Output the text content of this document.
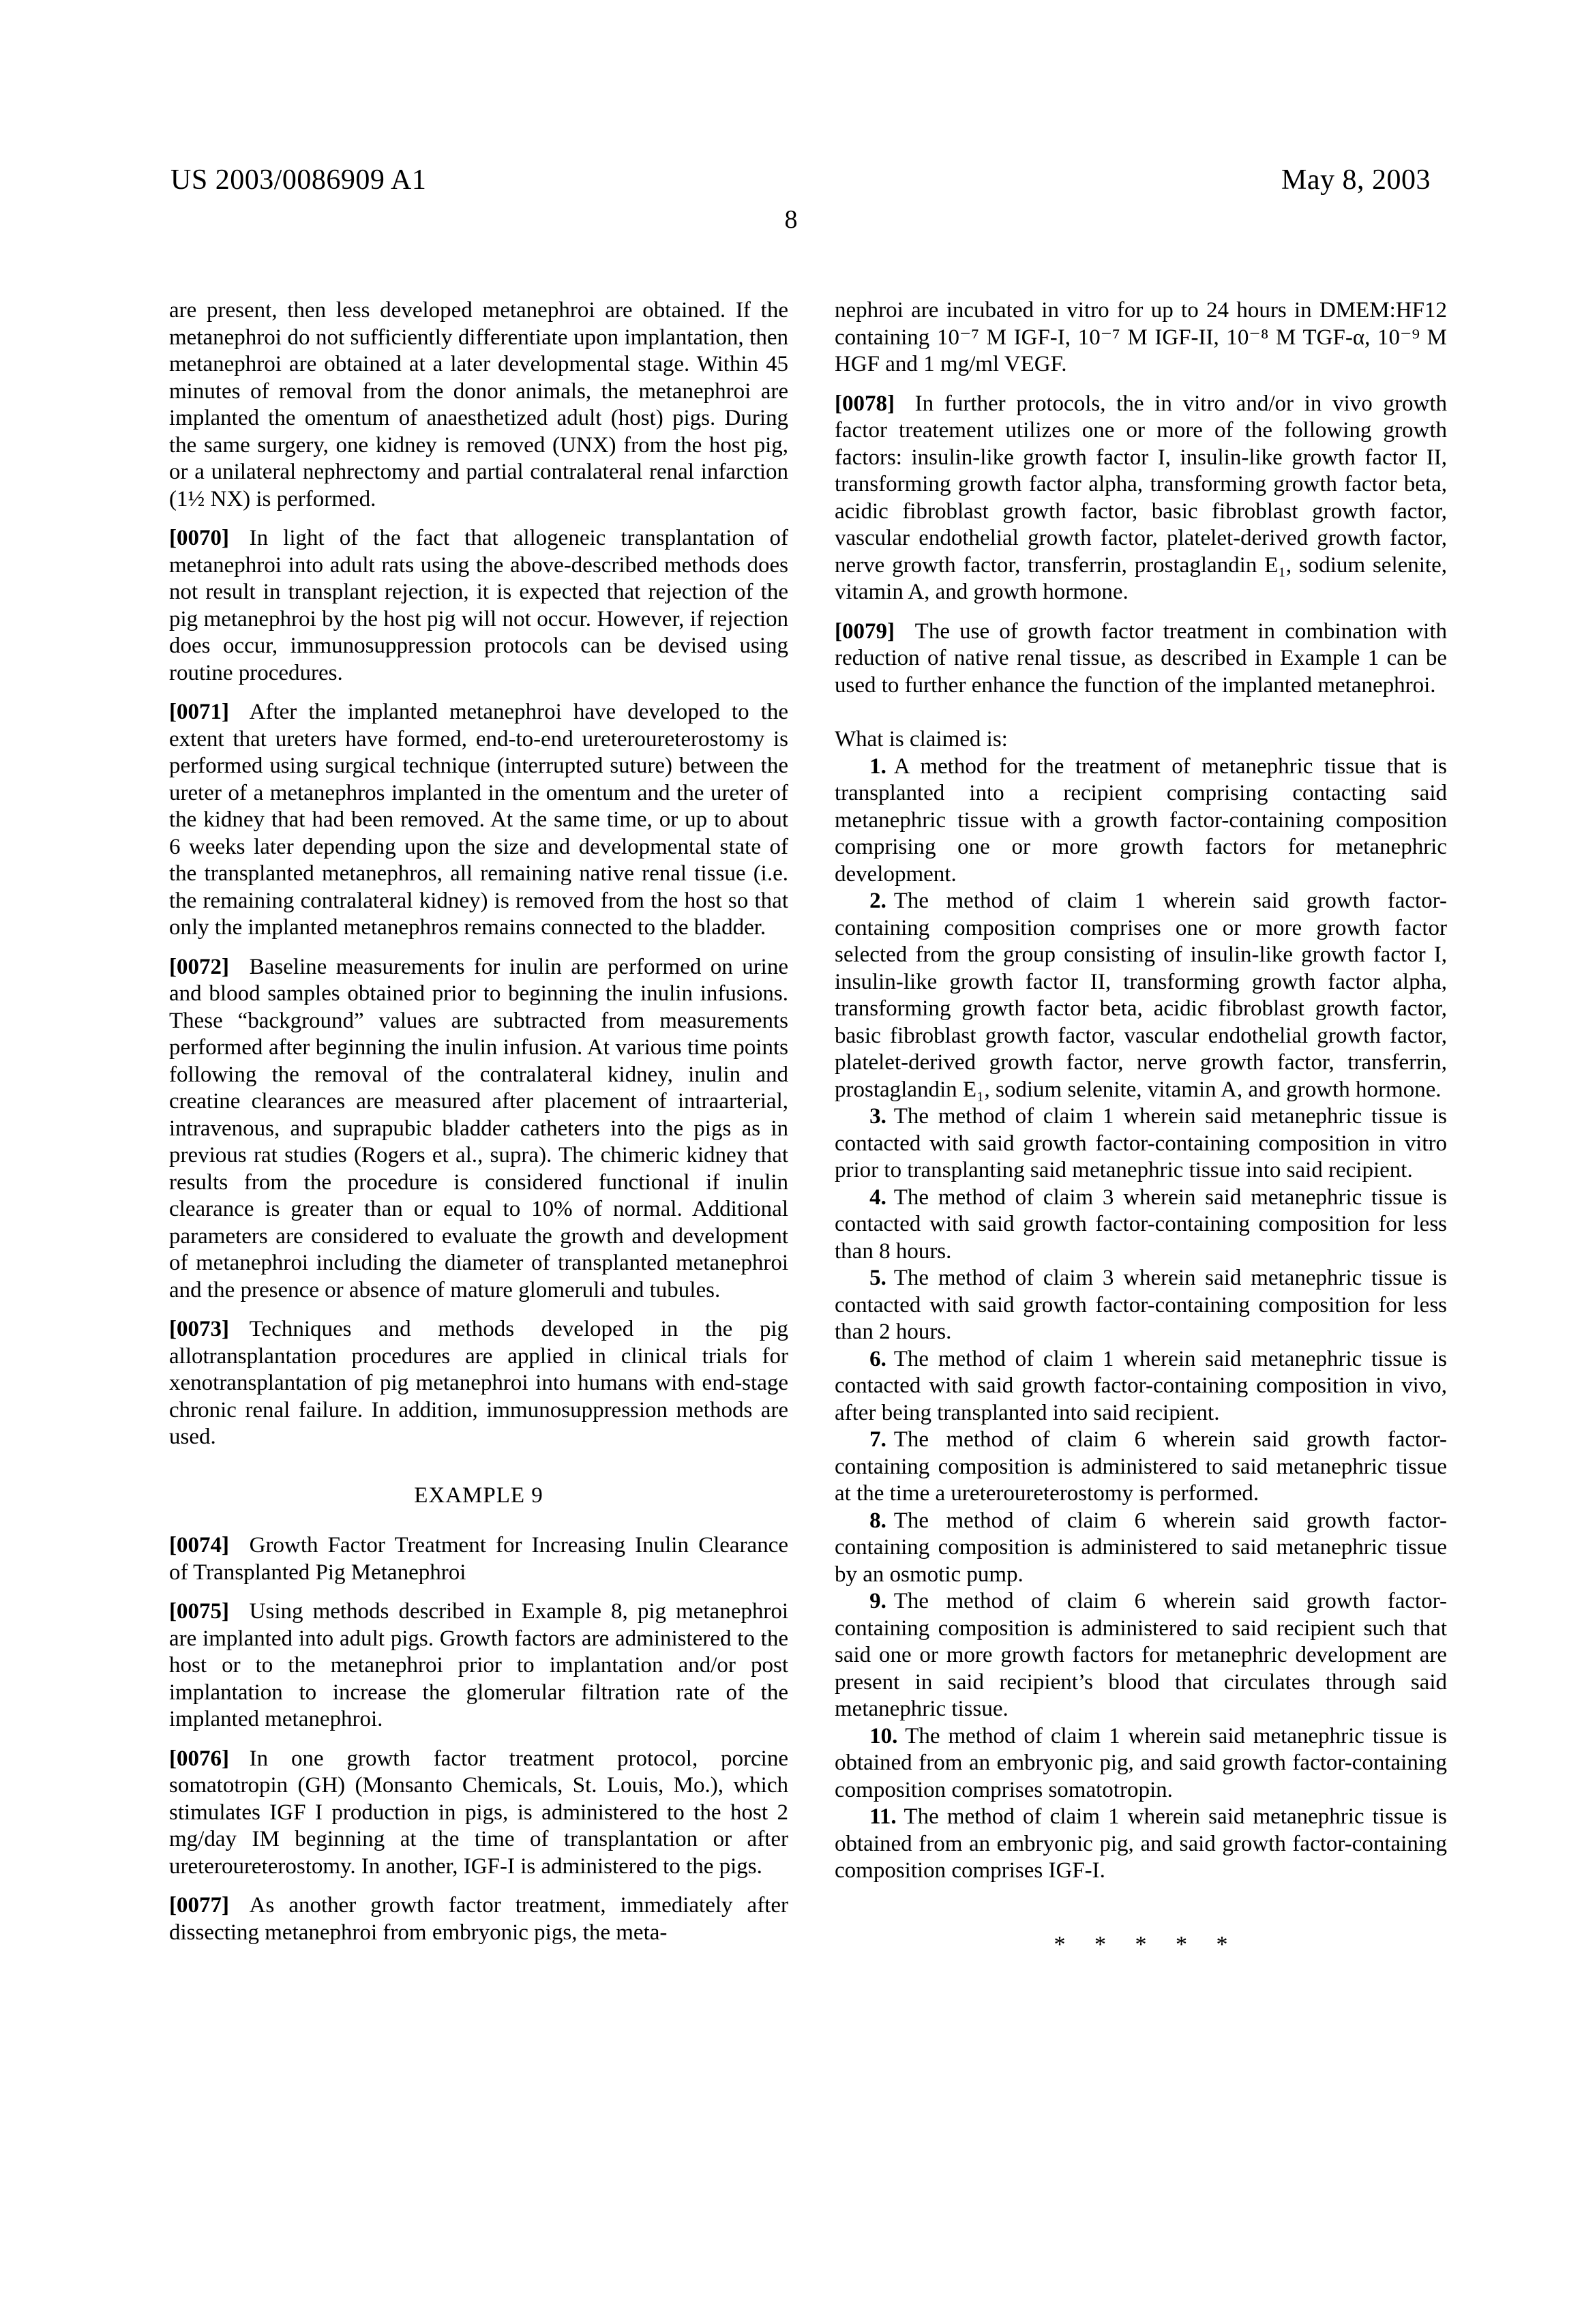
US 2003/0086909 A1	May 8, 2003
8

are present, then less developed metanephroi are obtained. If the metanephroi do not sufficiently differentiate upon implantation, then metanephroi are obtained at a later developmental stage. Within 45 minutes of removal from the donor animals, the metanephroi are implanted the omentum of anaesthetized adult (host) pigs. During the same surgery, one kidney is removed (UNX) from the host pig, or a unilateral nephrectomy and partial contralateral renal infarction (1½ NX) is performed.

[0070] In light of the fact that allogeneic transplantation of metanephroi into adult rats using the above-described methods does not result in transplant rejection, it is expected that rejection of the pig metanephroi by the host pig will not occur. However, if rejection does occur, immunosuppression protocols can be devised using routine procedures.

[0071] After the implanted metanephroi have developed to the extent that ureters have formed, end-to-end ureteroureterostomy is performed using surgical technique (interrupted suture) between the ureter of a metanephros implanted in the omentum and the ureter of the kidney that had been removed. At the same time, or up to about 6 weeks later depending upon the size and developmental state of the transplanted metanephros, all remaining native renal tissue (i.e. the remaining contralateral kidney) is removed from the host so that only the implanted metanephros remains connected to the bladder.

[0072] Baseline measurements for inulin are performed on urine and blood samples obtained prior to beginning the inulin infusions. These “background” values are subtracted from measurements performed after beginning the inulin infusion. At various time points following the removal of the contralateral kidney, inulin and creatine clearances are measured after placement of intraarterial, intravenous, and suprapubic bladder catheters into the pigs as in previous rat studies (Rogers et al., supra). The chimeric kidney that results from the procedure is considered functional if inulin clearance is greater than or equal to 10% of normal. Additional parameters are considered to evaluate the growth and development of metanephroi including the diameter of transplanted metanephroi and the presence or absence of mature glomeruli and tubules.

[0073] Techniques and methods developed in the pig allotransplantation procedures are applied in clinical trials for xenotransplantation of pig metanephroi into humans with end-stage chronic renal failure. In addition, immunosuppression methods are used.

EXAMPLE 9

[0074] Growth Factor Treatment for Increasing Inulin Clearance of Transplanted Pig Metanephroi

[0075] Using methods described in Example 8, pig metanephroi are implanted into adult pigs. Growth factors are administered to the host or to the metanephroi prior to implantation and/or post implantation to increase the glomerular filtration rate of the implanted metanephroi.

[0076] In one growth factor treatment protocol, porcine somatotropin (GH) (Monsanto Chemicals, St. Louis, Mo.), which stimulates IGF I production in pigs, is administered to the host 2 mg/day IM beginning at the time of transplantation or after ureteroureterostomy. In another, IGF-I is administered to the pigs.

[0077] As another growth factor treatment, immediately after dissecting metanephroi from embryonic pigs, the meta-

nephroi are incubated in vitro for up to 24 hours in DMEM:HF12 containing 10⁻⁷ M IGF-I, 10⁻⁷ M IGF-II, 10⁻⁸ M TGF-α, 10⁻⁹ M HGF and 1 mg/ml VEGF.

[0078] In further protocols, the in vitro and/or in vivo growth factor treatement utilizes one or more of the following growth factors: insulin-like growth factor I, insulin-like growth factor II, transforming growth factor alpha, transforming growth factor beta, acidic fibroblast growth factor, basic fibroblast growth factor, vascular endothelial growth factor, platelet-derived growth factor, nerve growth factor, transferrin, prostaglandin E₁, sodium selenite, vitamin A, and growth hormone.

[0079] The use of growth factor treatment in combination with reduction of native renal tissue, as described in Example 1 can be used to further enhance the function of the implanted metanephroi.

What is claimed is:

1. A method for the treatment of metanephric tissue that is transplanted into a recipient comprising contacting said metanephric tissue with a growth factor-containing composition comprising one or more growth factors for metanephric development.

2. The method of claim 1 wherein said growth factor-containing composition comprises one or more growth factor selected from the group consisting of insulin-like growth factor I, insulin-like growth factor II, transforming growth factor alpha, transforming growth factor beta, acidic fibroblast growth factor, basic fibroblast growth factor, vascular endothelial growth factor, platelet-derived growth factor, nerve growth factor, transferrin, prostaglandin E₁, sodium selenite, vitamin A, and growth hormone.

3. The method of claim 1 wherein said metanephric tissue is contacted with said growth factor-containing composition in vitro prior to transplanting said metanephric tissue into said recipient.

4. The method of claim 3 wherein said metanephric tissue is contacted with said growth factor-containing composition for less than 8 hours.

5. The method of claim 3 wherein said metanephric tissue is contacted with said growth factor-containing composition for less than 2 hours.

6. The method of claim 1 wherein said metanephric tissue is contacted with said growth factor-containing composition in vivo, after being transplanted into said recipient.

7. The method of claim 6 wherein said growth factor-containing composition is administered to said metanephric tissue at the time a ureteroureterostomy is performed.

8. The method of claim 6 wherein said growth factor-containing composition is administered to said metanephric tissue by an osmotic pump.

9. The method of claim 6 wherein said growth factor-containing composition is administered to said recipient such that said one or more growth factors for metanephric development are present in said recipient’s blood that circulates through said metanephric tissue.

10. The method of claim 1 wherein said metanephric tissue is obtained from an embryonic pig, and said growth factor-containing composition comprises somatotropin.

11. The method of claim 1 wherein said metanephric tissue is obtained from an embryonic pig, and said growth factor-containing composition comprises IGF-I.

* * * * *
